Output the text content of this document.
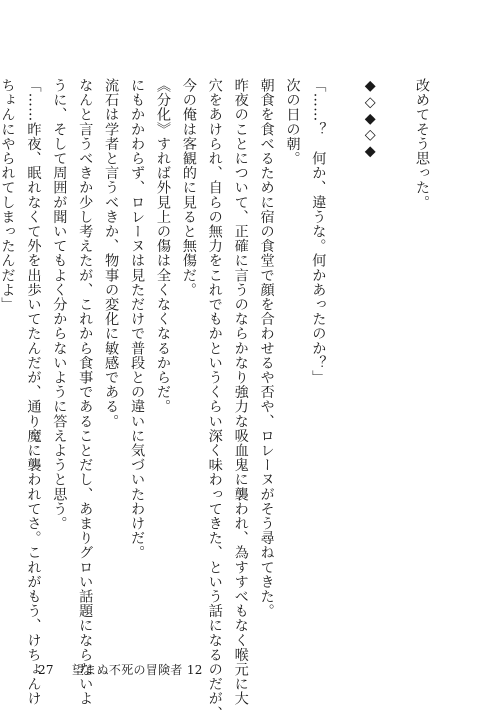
改めてそう思った。

◆◇◆◇◆

「……？　何か、違うな。何かあったのか？」

次の日の朝。

朝食を食べるために宿の食堂で顔を合わせるや否や、ロレーヌがそう尋ねてきた。

昨夜のことについて、正確に言うのならかなり強力な吸血鬼に襲われ、為すすべもなく喉元に大

穴をあけられ、自らの無力をこれでもかというくらい深く味わってきた、という話になるのだが、

今の俺は客観的に見ると無傷だ。

《分化》すれば外見上の傷は全くなくなるからだ。

にもかかわらず、ロレーヌは見ただけで普段との違いに気づいたわけだ。

流石は学者と言うべきか、物事の変化に敏感である。

なんと言うべきか少し考えたが、これから食事であることだし、あまりグロい話題にならないよ

うに、そして周囲が聞いてもよく分からないように答えようと思う。

「……昨夜、眠れなくて外を出歩いてたんだが、通り魔に襲われてさ。これがもう、けちょんけ

ちょんにやられてしまったんだよ」

27 望まぬ不死の冒険者 12
